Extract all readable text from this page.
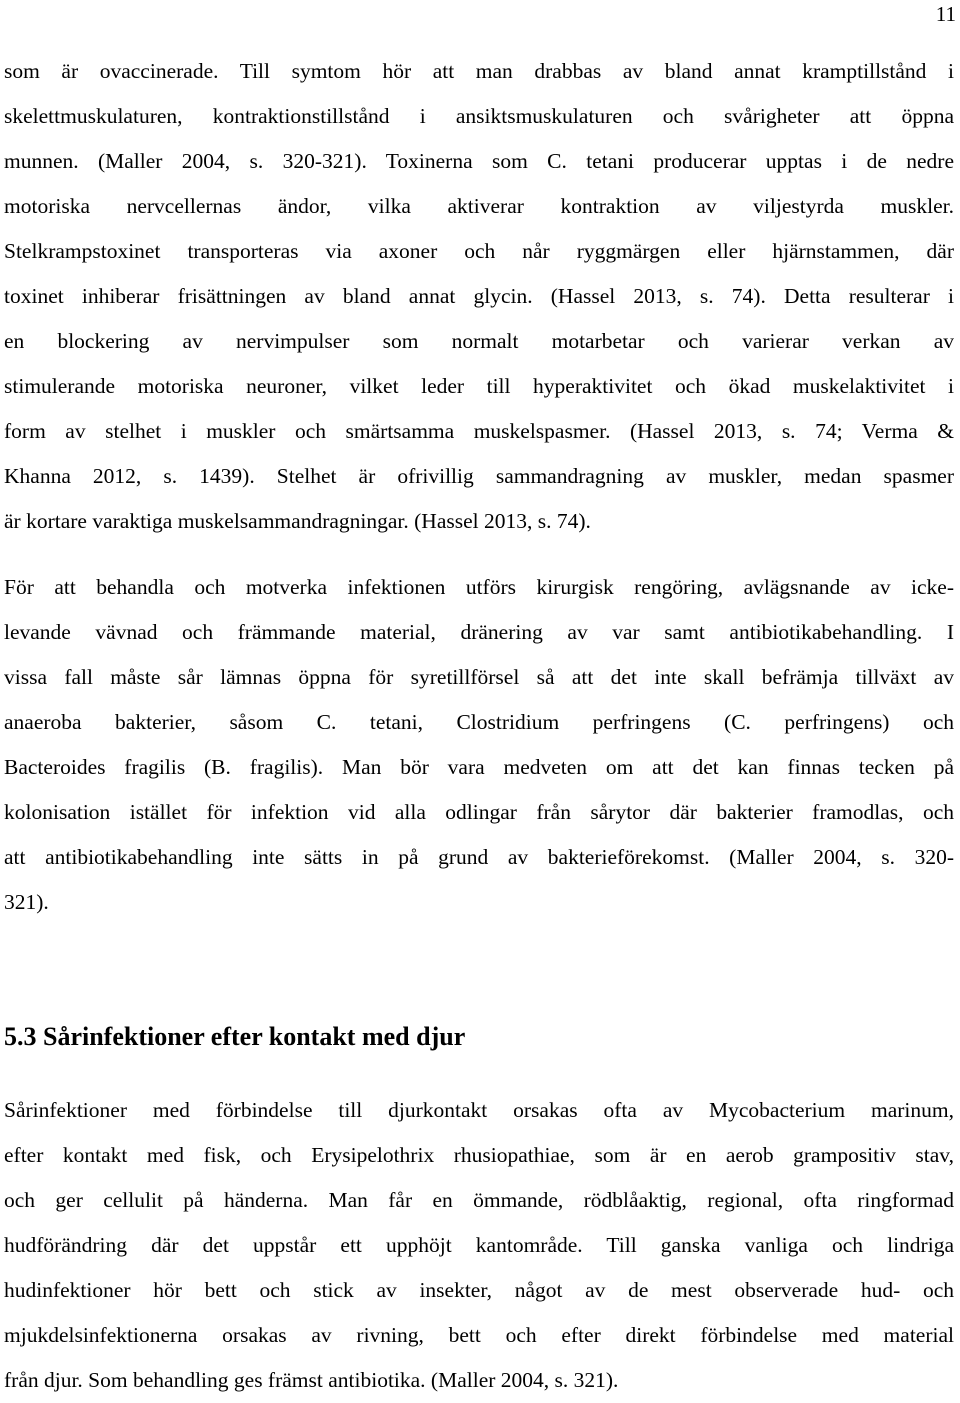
11
som är ovaccinerade. Till symtom hör att man drabbas av bland annat kramptillstånd i
skelettmuskulaturen, kontraktionstillstånd i ansiktsmuskulaturen och svårigheter att öppna
munnen. (Maller 2004, s. 320-321). Toxinerna som C. tetani producerar upptas i de nedre
motoriska nervcellernas ändor, vilka aktiverar kontraktion av viljestyrda muskler.
Stelkrampstoxinet transporteras via axoner och når ryggmärgen eller hjärnstammen, där
toxinet inhiberar frisättningen av bland annat glycin. (Hassel 2013, s. 74). Detta resulterar i
en blockering av nervimpulser som normalt motarbetar och varierar verkan av
stimulerande motoriska neuroner, vilket leder till hyperaktivitet och ökad muskelaktivitet i
form av stelhet i muskler och smärtsamma muskelspasmer. (Hassel 2013, s. 74; Verma &
Khanna 2012, s. 1439). Stelhet är ofrivillig sammandragning av muskler, medan spasmer
är kortare varaktiga muskelsammandragningar. (Hassel 2013, s. 74).
För att behandla och motverka infektionen utförs kirurgisk rengöring, avlägsnande av icke-
levande vävnad och främmande material, dränering av var samt antibiotikabehandling. I
vissa fall måste sår lämnas öppna för syretillförsel så att det inte skall befrämja tillväxt av
anaeroba bakterier, såsom C. tetani, Clostridium perfringens (C. perfringens) och
Bacteroides fragilis (B. fragilis). Man bör vara medveten om att det kan finnas tecken på
kolonisation istället för infektion vid alla odlingar från sårytor där bakterier framodlas, och
att antibiotikabehandling inte sätts in på grund av bakterieförekomst. (Maller 2004, s. 320-
321).
5.3 Sårinfektioner efter kontakt med djur
Sårinfektioner med förbindelse till djurkontakt orsakas ofta av Mycobacterium marinum,
efter kontakt med fisk, och Erysipelothrix rhusiopathiae, som är en aerob grampositiv stav,
och ger cellulit på händerna. Man får en ömmande, rödblåaktig, regional, ofta ringformad
hudförändring där det uppstår ett upphöjt kantområde. Till ganska vanliga och lindriga
hudinfektioner hör bett och stick av insekter, något av de mest observerade hud- och
mjukdelsinfektionerna orsakas av rivning, bett och efter direkt förbindelse med material
från djur. Som behandling ges främst antibiotika. (Maller 2004, s. 321).
